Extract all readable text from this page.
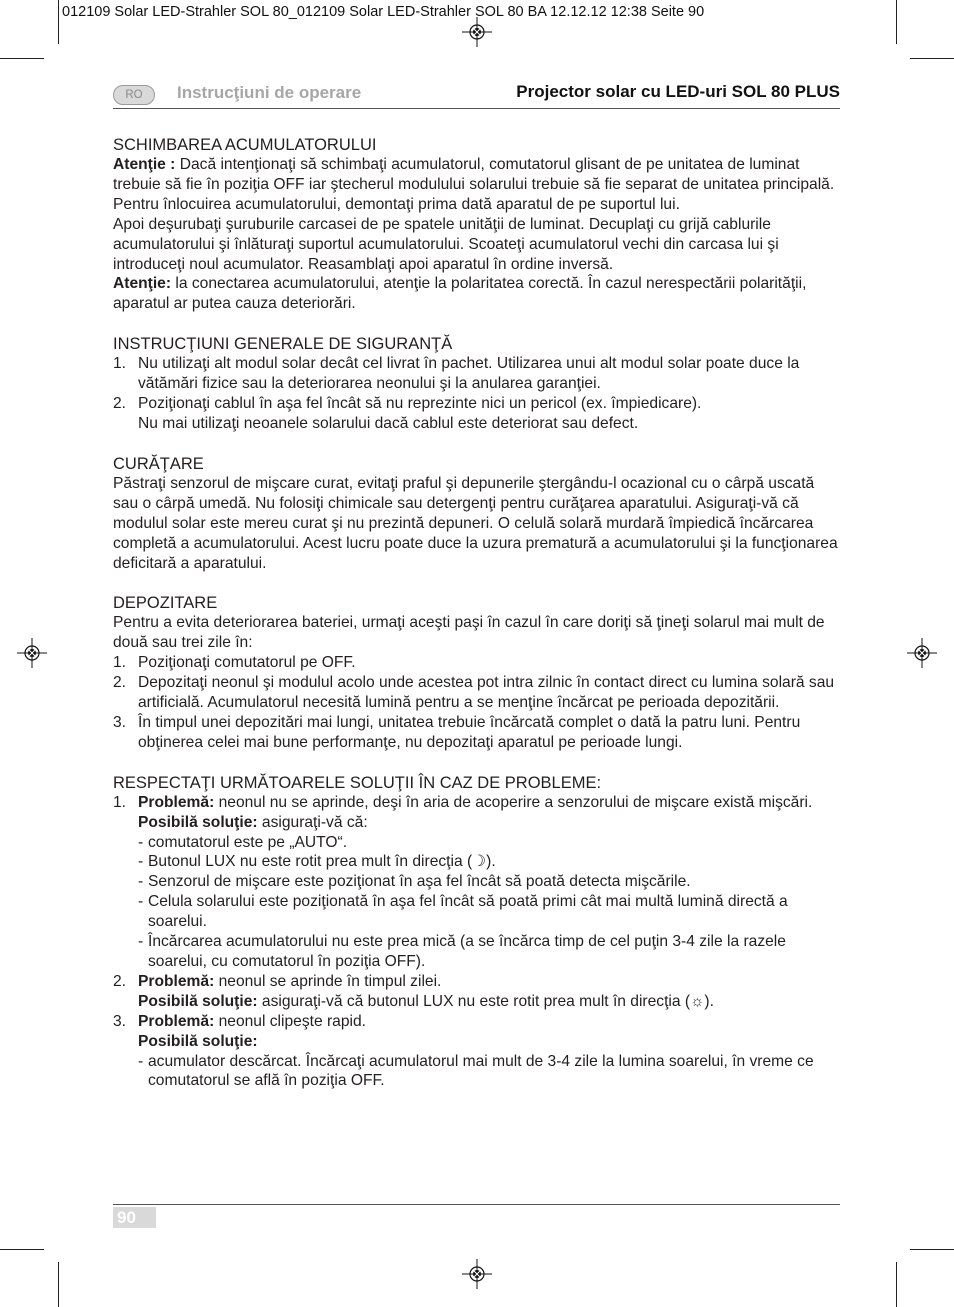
012109 Solar LED-Strahler SOL 80_012109 Solar LED-Strahler SOL 80 BA 12.12.12 12:38 Seite 90
RO	Instrucţiuni de operare	Projector solar cu LED-uri SOL 80 PLUS
SCHIMBAREA ACUMULATORULUI

Atenţie : Dacă intenţionaţi să schimbaţi acumulatorul, comutatorul glisant de pe unitatea de luminat trebuie să fie în poziţia OFF iar ştecherul modulului solarului trebuie să fie separat de unitatea principală.

Pentru înlocuirea acumulatorului, demontaţi prima dată aparatul de pe suportul lui.

Apoi deşurubaţi şuruburile carcasei de pe spatele unităţii de luminat. Decuplaţi cu grijă cablurile acumulatorului şi înlăturaţi suportul acumulatorului. Scoateţi acumulatorul vechi din carcasa lui şi introduceţi noul acumulator. Reasamblaţi apoi aparatul în ordine inversă.

Atenţie: la conectarea acumulatorului, atenţie la polaritatea corectă. În cazul nerespectării polarităţii, aparatul ar putea cauza deteriorări.

INSTRUCŢIUNI GENERALE DE SIGURANŢĂ
1. Nu utilizaţi alt modul solar decât cel livrat în pachet. Utilizarea unui alt modul solar poate duce la vătămări fizice sau la deteriorarea neonului şi la anularea garanţiei.
2. Poziţionaţi cablul în aşa fel încât să nu reprezinte nici un pericol (ex. împiedicare).
Nu mai utilizaţi neoanele solarului dacă cablul este deteriorat sau defect.
CURĂŢARE

Păstraţi senzorul de mişcare curat, evitaţi praful şi depunerile ştergându-l ocazional cu o cârpă uscată sau o cârpă umedă. Nu folosiţi chimicale sau detergenţi pentru curăţarea aparatului. Asiguraţi-vă că modulul solar este mereu curat şi nu prezintă depuneri. O celulă solară murdară împiedică încărcarea completă a acumulatorului. Acest lucru poate duce la uzura prematură a acumulatorului şi la funcţionarea deficitară a aparatului.

DEPOZITARE

Pentru a evita deteriorarea bateriei, urmaţi aceşti paşi în cazul în care doriţi să ţineţi solarul mai mult de două sau trei zile în:

1. Poziţionaţi comutatorul pe OFF.
2. Depozitaţi neonul şi modulul acolo unde acestea pot intra zilnic în contact direct cu lumina solară sau artificială. Acumulatorul necesită lumină pentru a se menţine încărcat pe perioada depozitării.
3. În timpul unei depozitări mai lungi, unitatea trebuie încărcată complet o dată la patru luni. Pentru obţinerea celei mai bune performanţe, nu depozitaţi aparatul pe perioade lungi.
RESPECTAŢI URMĂTOARELE SOLUŢII ÎN CAZ DE PROBLEME:
1. Problemă: neonul nu se aprinde, deşi în aria de acoperire a senzorului de mişcare există mişcări.
Posibilă soluţie: asiguraţi-vă că:
- comutatorul este pe „AUTO“.
- Butonul LUX nu este rotit prea mult în direcţia (☽).
- Senzorul de mişcare este poziţionat în aşa fel încât să poată detecta mişcările.
- Celula solarului este poziţionată în aşa fel încât să poată primi cât mai multă lumină directă a soarelui.
- Încărcarea acumulatorului nu este prea mică (a se încărca timp de cel puţin 3-4 zile la razele soarelui, cu comutatorul în poziţia OFF).
2. Problemă: neonul se aprinde în timpul zilei.
Posibilă soluţie: asiguraţi-vă că butonul LUX nu este rotit prea mult în direcţia (☼).
3. Problemă: neonul clipeşte rapid.
Posibilă soluţie:
- acumulator descărcat. Încărcaţi acumulatorul mai mult de 3-4 zile la lumina soarelui, în vreme ce comutatorul se află în poziţia OFF.
90
